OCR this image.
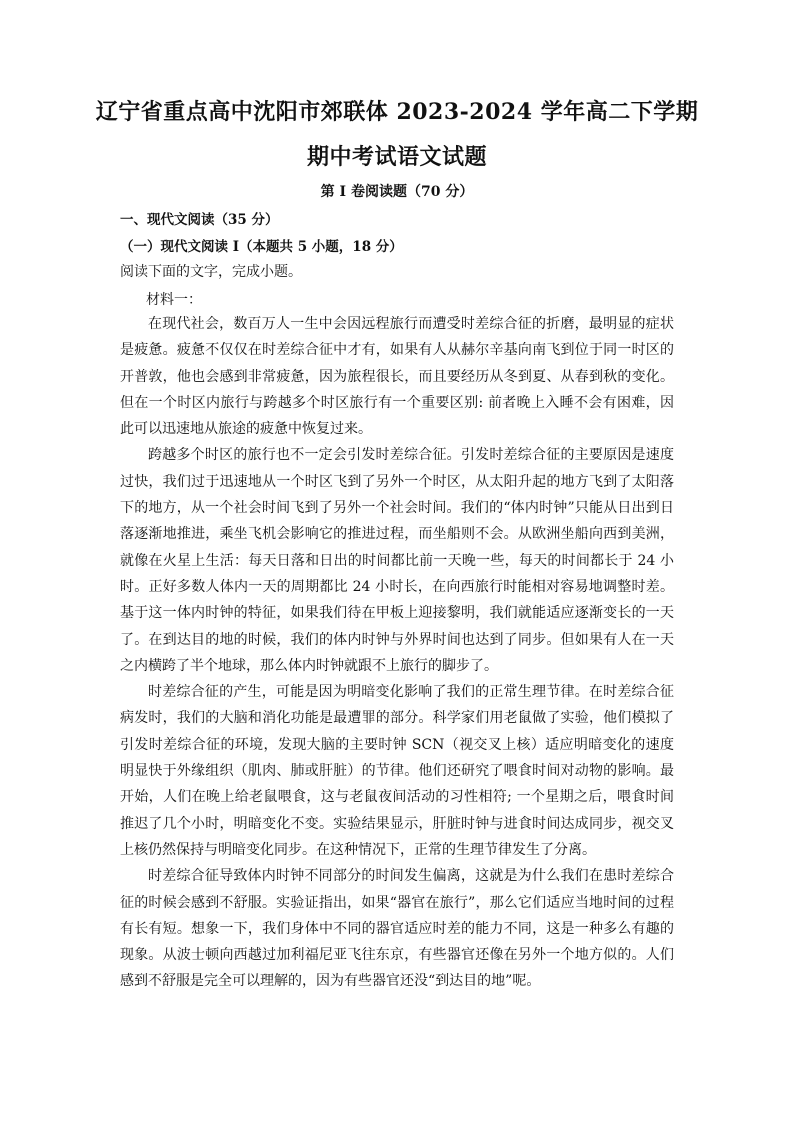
辽宁省重点高中沈阳市郊联体 2023-2024 学年高二下学期
期中考试语文试题
第 I 卷阅读题（70 分）
一、现代文阅读（35 分）
（一）现代文阅读 I（本题共 5 小题，18 分）
阅读下面的文字，完成小题。
材料一：

在现代社会，数百万人一生中会因远程旅行而遭受时差综合征的折磨，最明显的症状是疲惫。疲惫不仅仅在时差综合征中才有，如果有人从赫尔辛基向南飞到位于同一时区的开普敦，他也会感到非常疲惫，因为旅程很长，而且要经历从冬到夏、从春到秋的变化。但在一个时区内旅行与跨越多个时区旅行有一个重要区别: 前者晚上入睡不会有困难，因此可以迅速地从旅途的疲惫中恢复过来。

跨越多个时区的旅行也不一定会引发时差综合征。引发时差综合征的主要原因是速度过快，我们过于迅速地从一个时区飞到了另外一个时区，从太阳升起的地方飞到了太阳落下的地方，从一个社会时间飞到了另外一个社会时间。我们的“体内时钟”只能从日出到日落逐渐地推进，乘坐飞机会影响它的推进过程，而坐船则不会。从欧洲坐船向西到美洲，就像在火星上生活：每天日落和日出的时间都比前一天晚一些，每天的时间都长于 24 小时。正好多数人体内一天的周期都比 24 小时长，在向西旅行时能相对容易地调整时差。基于这一体内时钟的特征，如果我们待在甲板上迎接黎明，我们就能适应逐渐变长的一天了。在到达目的地的时候，我们的体内时钟与外界时间也达到了同步。但如果有人在一天之内横跨了半个地球，那么体内时钟就跟不上旅行的脚步了。

时差综合征的产生，可能是因为明暗变化影响了我们的正常生理节律。在时差综合征病发时，我们的大脑和消化功能是最遭罪的部分。科学家们用老鼠做了实验，他们模拟了引发时差综合征的环境，发现大脑的主要时钟 SCN（视交叉上核）适应明暗变化的速度明显快于外缘组织（肌肉、肺或肝脏）的节律。他们还研究了喂食时间对动物的影响。最开始，人们在晚上给老鼠喂食，这与老鼠夜间活动的习性相符; 一个星期之后，喂食时间推迟了几个小时，明暗变化不变。实验结果显示，肝脏时钟与进食时间达成同步，视交叉上核仍然保持与明暗变化同步。在这种情况下，正常的生理节律发生了分离。

时差综合征导致体内时钟不同部分的时间发生偏离，这就是为什么我们在患时差综合征的时候会感到不舒服。实验证指出，如果“器官在旅行”，那么它们适应当地时间的过程有长有短。想象一下，我们身体中不同的器官适应时差的能力不同，这是一种多么有趣的现象。从波士顿向西越过加利福尼亚飞往东京，有些器官还像在另外一个地方似的。人们感到不舒服是完全可以理解的，因为有些器官还没“到达目的地”呢。
